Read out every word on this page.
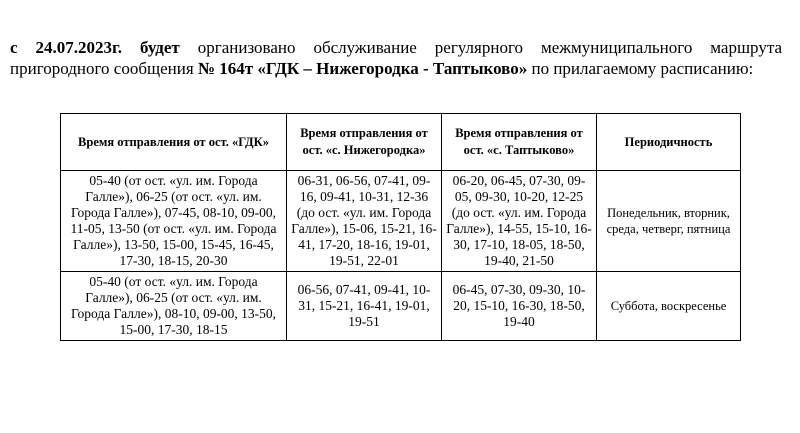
с 24.07.2023г. будет организовано обслуживание регулярного межмуниципального маршрута пригородного сообщения № 164т «ГДК – Нижегородка - Таптыково» по прилагаемому расписанию:
Время отправления от ост. «ГДК»	Время отправления от ост. «с. Нижегородка»	Время отправления от ост. «с. Таптыково»	Периодичность
05-40 (от ост. «ул. им. Города Галле»), 06-25 (от ост. «ул. им. Города Галле»), 07-45, 08-10, 09-00, 11-05, 13-50 (от ост. «ул. им. Города Галле»), 13-50, 15-00, 15-45, 16-45, 17-30, 18-15, 20-30	06-31, 06-56, 07-41, 09-16, 09-41, 10-31, 12-36 (до ост. «ул. им. Города Галле»), 15-06, 15-21, 16-41, 17-20, 18-16, 19-01, 19-51, 22-01	06-20, 06-45, 07-30, 09-05, 09-30, 10-20, 12-25 (до ост. «ул. им. Города Галле»), 14-55, 15-10, 16-30, 17-10, 18-05, 18-50, 19-40, 21-50	Понедельник, вторник, среда, четверг, пятница
05-40 (от ост. «ул. им. Города Галле»), 06-25 (от ост. «ул. им. Города Галле»), 08-10, 09-00, 13-50, 15-00, 17-30, 18-15	06-56, 07-41, 09-41, 10-31, 15-21, 16-41, 19-01, 19-51	06-45, 07-30, 09-30, 10-20, 15-10, 16-30, 18-50, 19-40	Суббота, воскресенье
